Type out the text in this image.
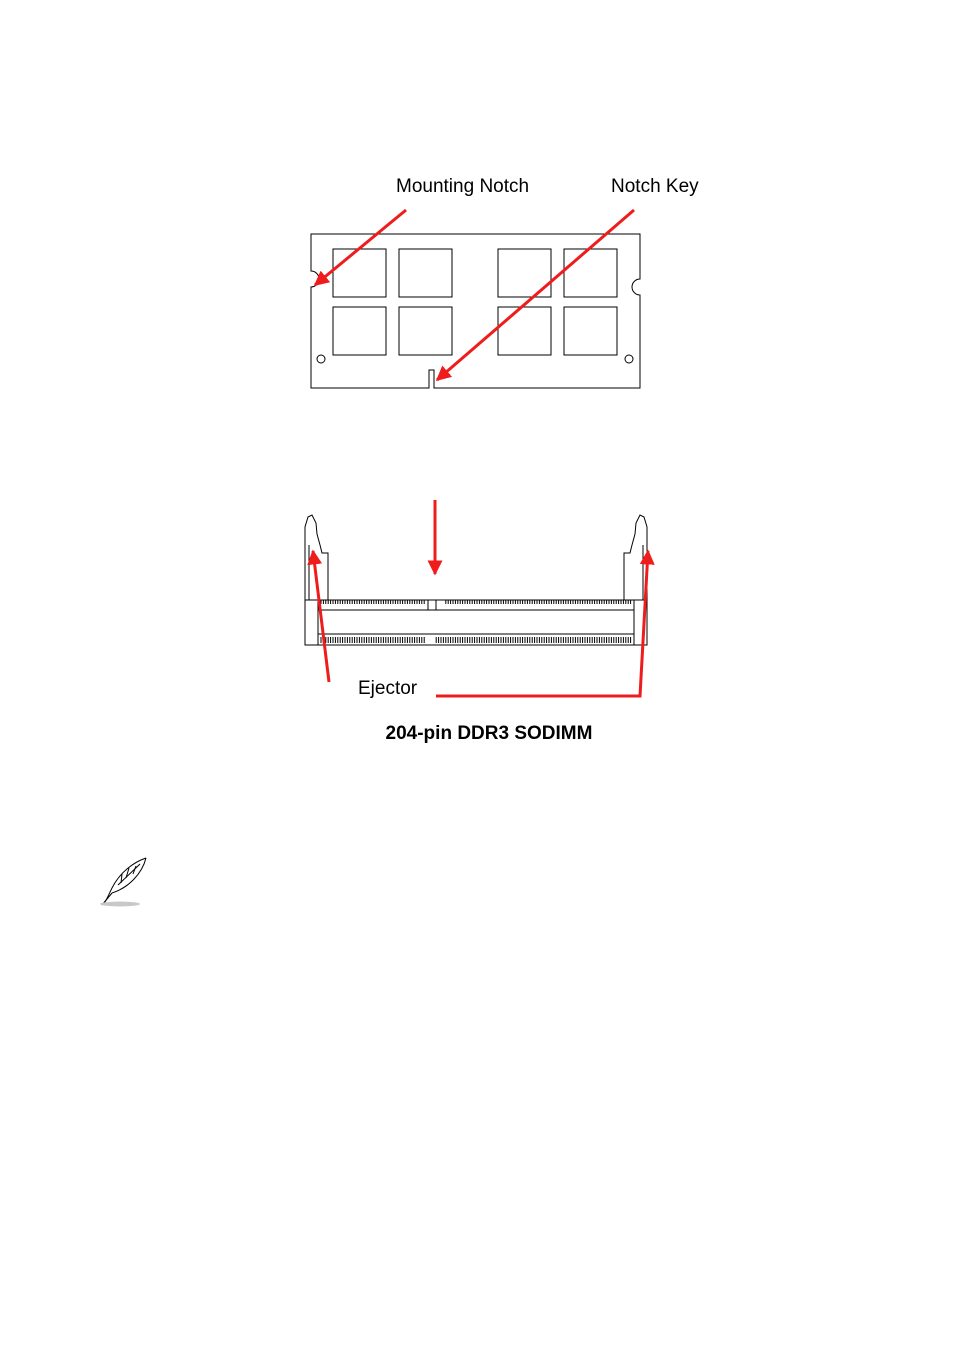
Mounting Notch	Notch Key
Ejector
204-pin DDR3 SODIMM
